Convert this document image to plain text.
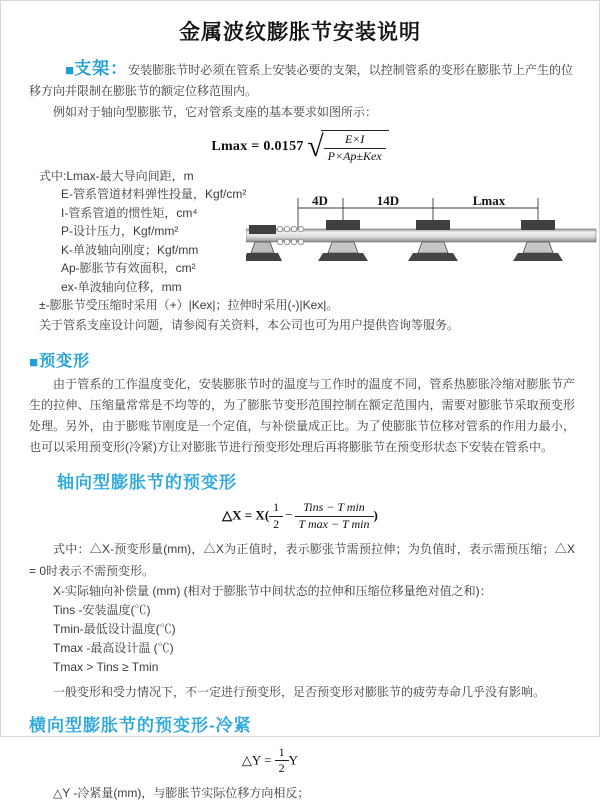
金属波纹膨胀节安装说明

■支架：安装膨胀节时必须在管系上安装必要的支架，以控制管系的变形在膨胀节上产生的位移方向并限制在膨胀节的额定位移范围内。

例如对于轴向型膨胀节，它对管系支座的基本要求如图所示：

Lmax = 0.0157 √ $\frac{E\times I}{\text{P×Ap±Kex}}$
式中:Lmax-最大导向间距，m
E-管系管道材料弹性投量，Kgf/cm²
I-管系管道的惯性矩，cm⁴
P-设计压力，Kgf/mm²
K-单波轴向刚度；Kgf/mm
Ap-膨胀节有效面积，cm²
ex-单波轴向位移，mm
4D	14D	Lmax
±-膨胀节受压缩时采用（+）|Kex|；拉伸时采用(-)|Kex|。
关于管系支座设计问题，请参阅有关资料，本公司也可为用户提供咨询等服务。
■预变形

由于管系的工作温度变化，安装膨胀节时的温度与工作时的温度不同，管系热膨胀冷缩对膨胀节产生的拉伸、压缩量常常是不均等的，为了膨胀节变形范围控制在额定范围内，需要对膨胀节采取预变形处理。另外，由于膨账节刚度是一个定值，与补偿量成正比。为了使膨胀节位移对管系的作用力最小，也可以采用预变形(冷紧)方让对膨胀节进行预变形处理后再将膨胀节在预变形状态下安装在管系中。

轴向型膨胀节的预变形
△X = $X( \frac{1}{2} - \frac{\text{Tins − T min}}{\text{T max − T min}}$ )

式中：△X-预变形量(mm)，△X为正值时，表示膨张节需预拉伸；为负值时，表示需预压缩；△X = 0时表示不需预变形。

X-实际轴向补偿量 (mm) (相对于膨胀节中间状态的拉伸和压缩位移量绝对值之和)：
Tins -安装温度(℃)
Tmin-最低设计温度(℃)
Tmax -最高设计温 (℃)
Tmax > Tins ≥ Tmin

一般变形和受力情况下，不一定进行预变形，足否预变形对膨胀节的疲劳寿命几乎没有影响。

横向型膨胀节的预变形-冷紧
△Y = $\frac{1}{2}$ Y
△Y -冷紧量(mm)，与膨胀节实际位移方向相反；
